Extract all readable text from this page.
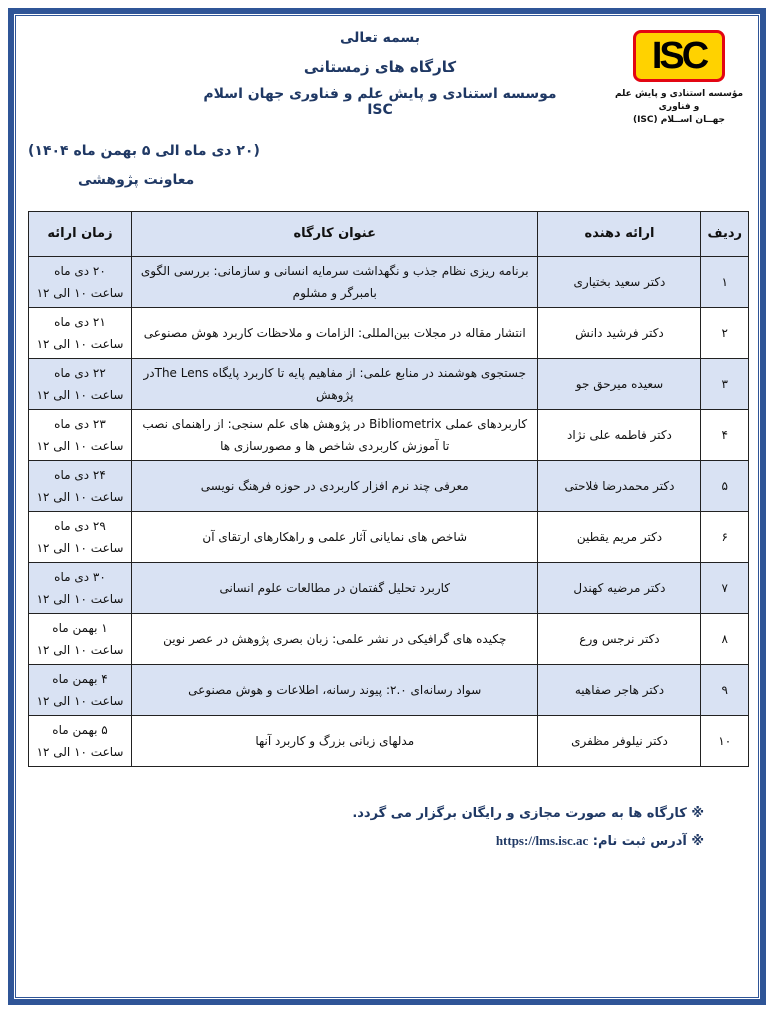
بسمه تعالی
کارگاه های زمستانی
موسسه استنادی و پایش علم و فناوری جهان اسلام ISC
ISC
مؤسسه استنادی و پایش علم و فناوری
جهــان اســلام (ISC)
(۲۰ دی ماه الی ۵ بهمن ماه ۱۴۰۴)
معاونت پژوهشی
ردیف	ارائه دهنده	عنوان کارگاه	زمان ارائه
۱	دکتر سعید بختیاری	برنامه ریزی نظام جذب و نگهداشت سرمایه انسانی و سازمانی: بررسی الگوی بامبرگر و مشلوم	۲۰ دی ماه
ساعت ۱۰ الی ۱۲

۲	دکتر فرشید دانش	انتشار مقاله در مجلات بین‌المللی: الزامات و ملاحظات کاربرد هوش مصنوعی	۲۱ دی ماه
ساعت ۱۰ الی ۱۲

۳	سعیده میرحق جو	جستجوی هوشمند در منابع علمی: از مفاهیم پایه تا کاربرد پایگاه The Lensدر پژوهش	۲۲ دی ماه
ساعت ۱۰ الی ۱۲

۴	دکتر فاطمه علی نژاد	کاربردهای عملی Bibliometrix در پژوهش های علم سنجی: از راهنمای نصب تا آموزش کاربردی شاخص ها و مصورسازی ها	۲۳ دی ماه
ساعت ۱۰ الی ۱۲

۵	دکتر محمدرضا فلاحتی	معرفی چند نرم افزار کاربردی در حوزه فرهنگ نویسی	۲۴ دی ماه
ساعت ۱۰ الی ۱۲

۶	دکتر مریم یقطین	شاخص های نمایانی آثار علمی و راهکارهای ارتقای آن	۲۹ دی ماه
ساعت ۱۰ الی ۱۲

۷	دکتر مرضیه کهندل	کاربرد تحلیل گفتمان در مطالعات علوم انسانی	۳۰ دی ماه
ساعت ۱۰ الی ۱۲

۸	دکتر نرجس ورع	چکیده های گرافیکی در نشر علمی: زبان بصری پژوهش در عصر نوین	۱ بهمن ماه
ساعت ۱۰ الی ۱۲

۹	دکتر هاجر صفاهیه	سواد رسانه‌ای ۲.۰: پیوند رسانه، اطلاعات و هوش مصنوعی	۴ بهمن ماه
ساعت ۱۰ الی ۱۲

۱۰	دکتر نیلوفر مظفری	مدلهای زبانی بزرگ و کاربرد آنها	۵ بهمن ماه
ساعت ۱۰ الی ۱۲
※ کارگاه ها به صورت مجازی و رایگان برگزار می گردد.
※ آدرس ثبت نام: https://lms.isc.ac
